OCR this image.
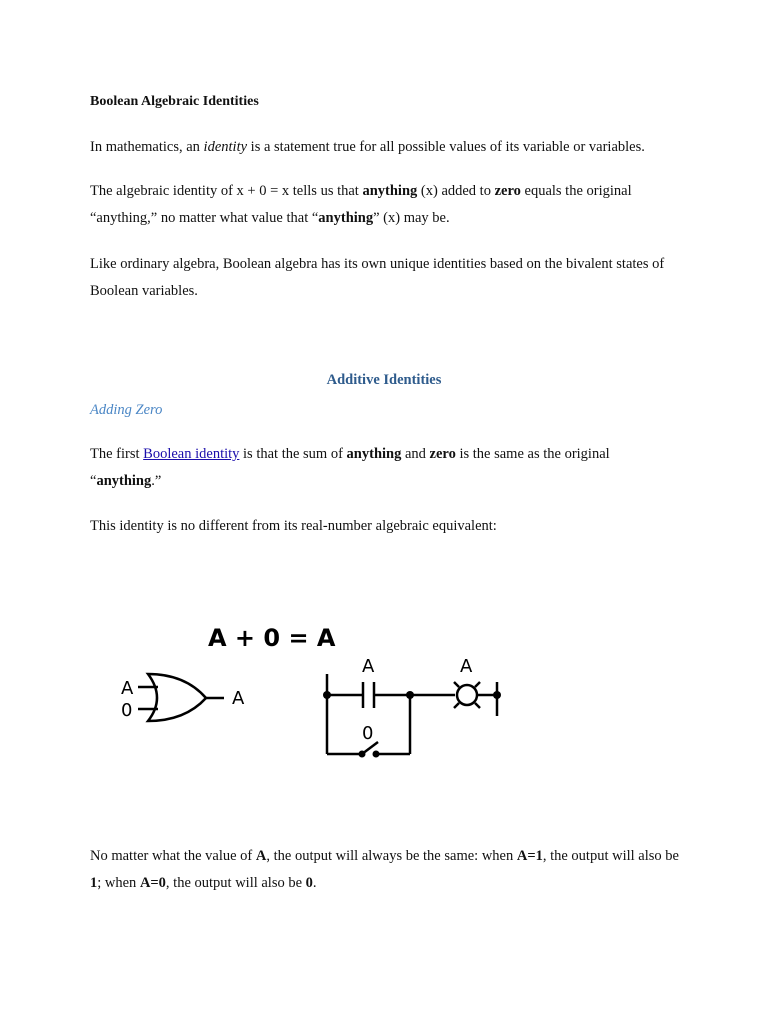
Boolean Algebraic Identities

In mathematics, an identity is a statement true for all possible values of its variable or variables.

The algebraic identity of x + 0 = x tells us that anything (x) added to zero equals the original “anything,” no matter what value that “anything” (x) may be.

Like ordinary algebra, Boolean algebra has its own unique identities based on the bivalent states of Boolean variables.

Additive Identities

Adding Zero

The first Boolean identity is that the sum of anything and zero is the same as the original “anything.”

This identity is no different from its real-number algebraic equivalent:

A + 0 = A
A
0
A
A
0
A

No matter what the value of A, the output will always be the same: when A=1, the output will also be 1; when A=0, the output will also be 0.
